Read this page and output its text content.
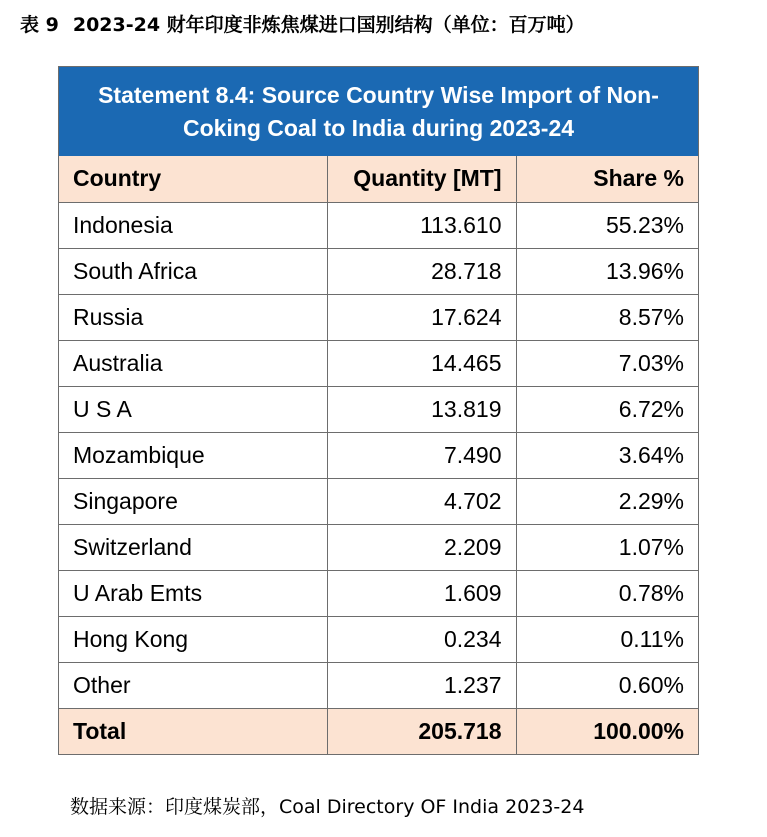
表 9 2023-24 财年印度非炼焦煤进口国别结构（单位：百万吨）
Statement 8.4: Source Country Wise Import of Non-
Coking Coal to India during 2023-24
Country	Quantity [MT]	Share %
Indonesia	113.610	55.23%
South Africa	28.718	13.96%
Russia	17.624	8.57%
Australia	14.465	7.03%
U S A	13.819	6.72%
Mozambique	7.490	3.64%
Singapore	4.702	2.29%
Switzerland	2.209	1.07%
U Arab Emts	1.609	0.78%
Hong Kong	0.234	0.11%
Other	1.237	0.60%
Total	205.718	100.00%
数据来源：印度煤炭部，Coal Directory OF India 2023-24
